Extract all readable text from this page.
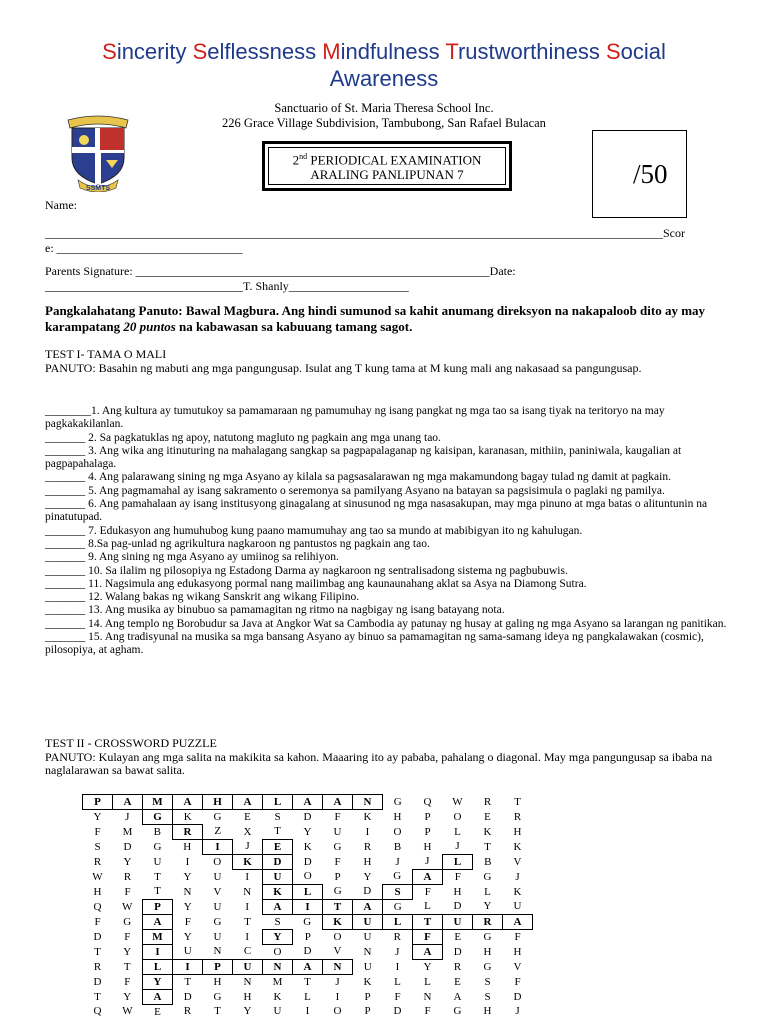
Sincerity Selflessness Mindfulness Trustworthiness Social
Awareness
Sanctuario of St. Maria Theresa School Inc.
226 Grace Village Subdivision, Tambubong, San Rafael Bulacan
SSMTS
2nd PERIODICAL EXAMINATION
ARALING PANLIPUNAN 7	/50
Name:
_______________________________________________________________________________________________________Scor
e: _______________________________
Parents Signature: ___________________________________________________________Date:
_________________________________T. Shanly____________________
Pangkalahatang Panuto: Bawal Magbura. Ang hindi sumunod sa kahit anumang direksyon na nakapaloob dito ay may karampatang 20 puntos na kabawasan sa kabuuang tamang sagot.
TEST I- TAMA O MALI
PANUTO: Basahin ng mabuti ang mga pangungusap. Isulat ang T kung tama at M kung mali ang nakasaad sa pangungusap.

________1. Ang kultura ay tumutukoy sa pamamaraan ng pamumuhay ng isang pangkat ng mga tao sa isang tiyak na teritoryo na may pagkakakilanlan.

_______ 2. Sa pagkatuklas ng apoy, natutong magluto ng pagkain ang mga unang tao.

_______ 3. Ang wika ang itinuturing na mahalagang sangkap sa pagpapalaganap ng kaisipan, karanasan, mithiin, paniniwala, kaugalian at pagpapahalaga.

_______ 4. Ang palarawang sining ng mga Asyano ay kilala sa pagsasalarawan ng mga makamundong bagay tulad ng damit at pagkain.

_______ 5. Ang pagmamahal ay isang sakramento o seremonya sa pamilyang Asyano na batayan sa pagsisimula o paglaki ng pamilya.

_______ 6. Ang pamahalaan ay isang institusyong ginagalang at sinusunod ng mga nasasakupan, may mga pinuno at mga batas o alituntunin na pinatutupad.

_______ 7. Edukasyon ang humuhubog kung paano mamumuhay ang tao sa mundo at mabibigyan ito ng kahulugan.

_______ 8.Sa pag-unlad ng agrikultura nagkaroon ng pantustos ng pagkain ang tao.

_______ 9. Ang sining ng mga Asyano ay umiinog sa relihiyon.

_______ 10. Sa ilalim ng pilosopiya ng Estadong Darma ay nagkaroon ng sentralisadong sistema ng pagbubuwis.

_______ 11. Nagsimula ang edukasyong pormal nang mailimbag ang kaunaunahang aklat sa Asya na Diamong Sutra.

_______ 12. Walang bakas ng wikang Sanskrit ang wikang Filipino.

_______ 13. Ang musika ay binubuo sa pamamagitan ng ritmo na nagbigay ng isang batayang nota.

_______ 14. Ang templo ng Borobudur sa Java at Angkor Wat sa Cambodia ay patunay ng husay at galing ng mga Asyano sa larangan ng panitikan.

_______ 15. Ang tradisyunal na musika sa mga bansang Asyano ay binuo sa pamamagitan ng sama-samang ideya ng pangkalawakan (cosmic), pilosopiya, at agham.

TEST II - CROSSWORD PUZZLE
PANUTO: Kulayan ang mga salita na makikita sa kahon. Maaaring ito ay pababa, pahalang o diagonal. May mga pangungusap sa ibaba na naglalarawan sa bawat salita.
P	A	M	A	H	A	L	A	A	N	G	Q	W	R	T
Y	J	G	K	G	E	S	D	F	K	H	P	O	E	R
F	M	B	R	Z	X	T	Y	U	I	O	P	L	K	H
S	D	G	H	I	J	E	K	G	R	B	H	J	T	K
R	Y	U	I	O	K	D	D	F	H	J	J	L	B	V
W	R	T	Y	U	I	U	O	P	Y	G	A	F	G	J
H	F	T	N	V	N	K	L	G	D	S	F	H	L	K
Q	W	P	Y	U	I	A	I	T	A	G	L	D	Y	U
F	G	A	F	G	T	S	G	K	U	L	T	U	R	A
D	F	M	Y	U	I	Y	P	O	U	R	F	E	G	F
T	Y	I	U	N	C	O	D	V	N	J	A	D	H	H
R	T	L	I	P	U	N	A	N	U	I	Y	R	G	V
D	F	Y	T	H	N	M	T	J	K	L	L	E	S	F
T	Y	A	D	G	H	K	L	I	P	F	N	A	S	D
Q	W	E	R	T	Y	U	I	O	P	D	F	G	H	J
